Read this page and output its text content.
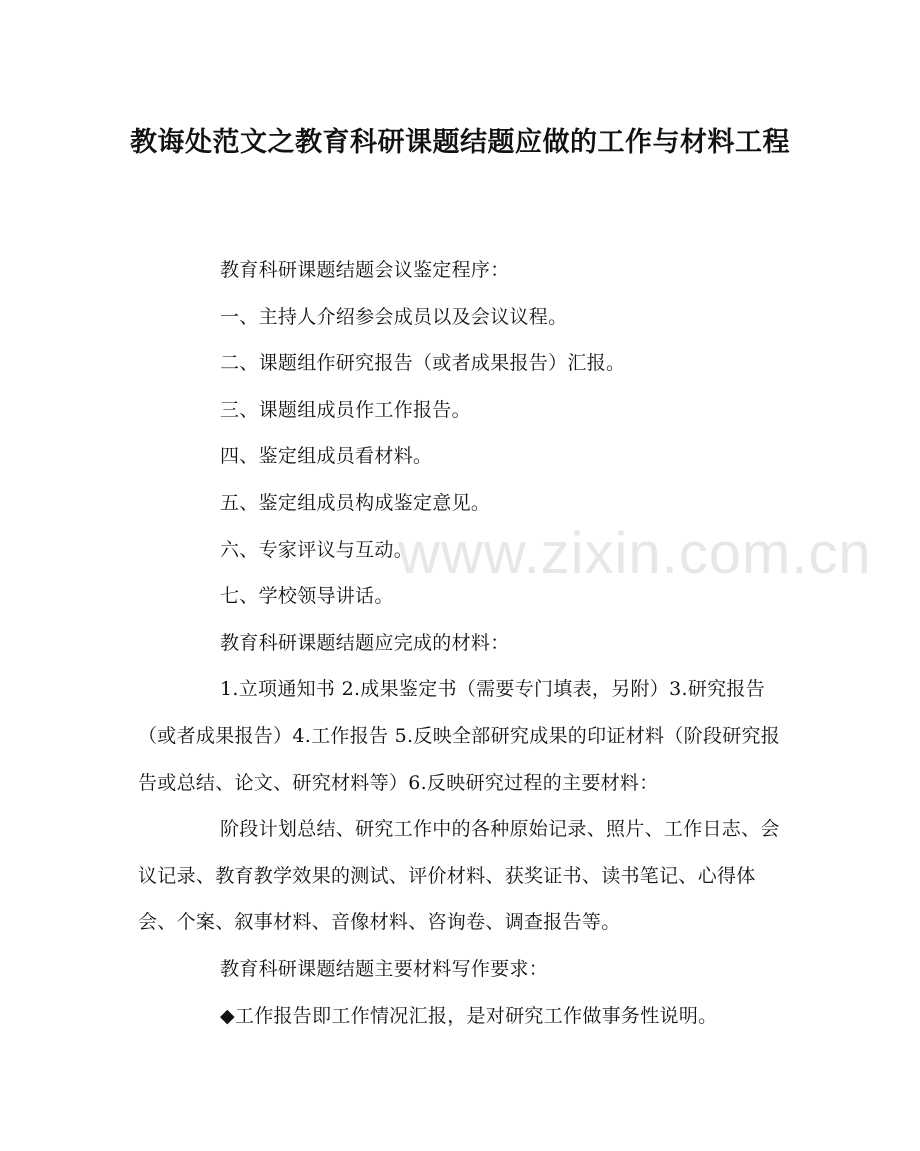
教诲处范文之教育科研课题结题应做的工作与材料工程

教育科研课题结题会议鉴定程序：

一、主持人介绍参会成员以及会议议程。

二、课题组作研究报告（或者成果报告）汇报。

三、课题组成员作工作报告。

四、鉴定组成员看材料。

五、鉴定组成员构成鉴定意见。

六、专家评议与互动。

七、学校领导讲话。

教育科研课题结题应完成的材料：

1.立项通知书 2.成果鉴定书（需要专门填表，另附）3.研究报告（或者成果报告）4.工作报告 5.反映全部研究成果的印证材料（阶段研究报告或总结、论文、研究材料等）6.反映研究过程的主要材料：

阶段计划总结、研究工作中的各种原始记录、照片、工作日志、会议记录、教育教学效果的测试、评价材料、获奖证书、读书笔记、心得体会、个案、叙事材料、音像材料、咨询卷、调查报告等。

教育科研课题结题主要材料写作要求：

◆工作报告即工作情况汇报，是对研究工作做事务性说明。

www.zixin.com.cn
